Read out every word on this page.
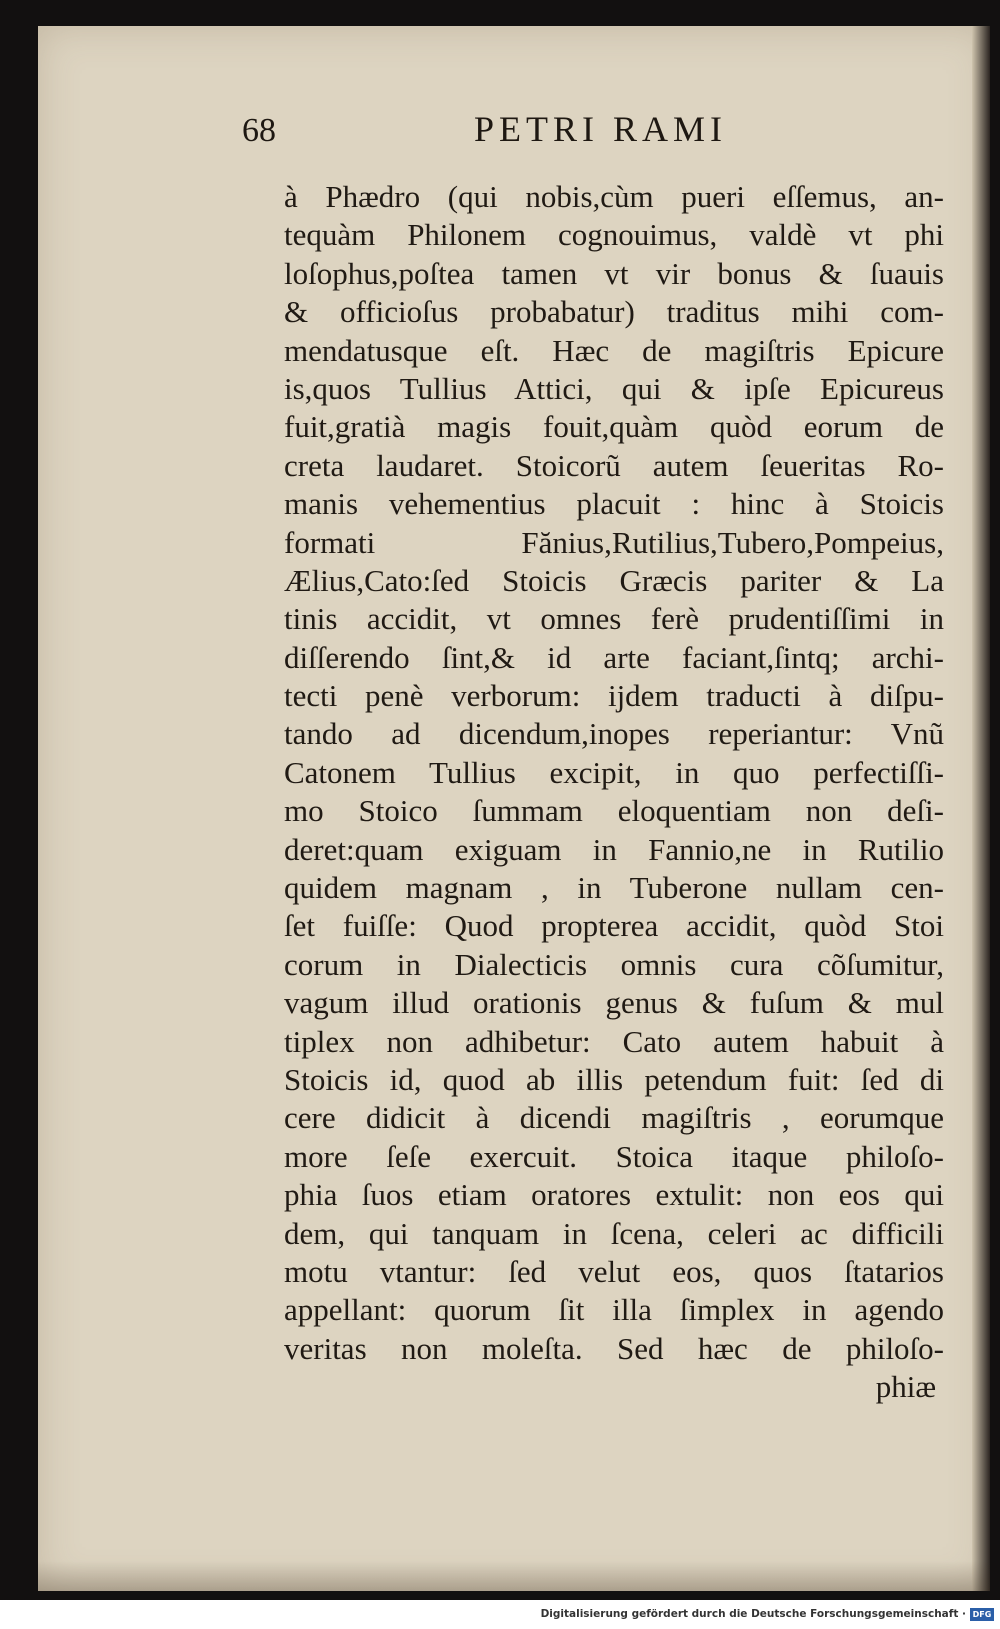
68	PETRI RAMI
à Phædro (qui nobis,cùm pueri eſſemus, an-
tequàm Philonem cognouimus, valdè vt phi
loſophus,poſtea tamen vt vir bonus & ſuauis
& officioſus probabatur) traditus mihi com-
mendatusque eſt. Hæc de magiſtris Epicure
is,quos Tullius Attici, qui & ipſe Epicureus
fuit,gratià magis fouit,quàm quòd eorum de
creta laudaret. Stoicorũ autem ſeueritas Ro-
manis vehementius placuit : hinc à Stoicis
formati Fănius,Rutilius,Tubero,Pompeius,
Ælius,Cato:ſed Stoicis Græcis pariter & La
tinis accidit, vt omnes ferè prudentiſſimi in
diſſerendo ſint,& id arte faciant,ſintq; archi-
tecti penè verborum: ijdem traducti à diſpu-
tando ad dicendum,inopes reperiantur: Vnũ
Catonem Tullius excipit, in quo perfectiſſi-
mo Stoico ſummam eloquentiam non deſi-
deret:quam exiguam in Fannio,ne in Rutilio
quidem magnam , in Tuberone nullam cen-
ſet fuiſſe: Quod propterea accidit, quòd Stoi
corum in Dialecticis omnis cura cõſumitur,
vagum illud orationis genus & fuſum & mul
tiplex non adhibetur: Cato autem habuit à
Stoicis id, quod ab illis petendum fuit: ſed di
cere didicit à dicendi magiſtris , eorumque
more ſeſe exercuit. Stoica itaque philoſo-
phia ſuos etiam oratores extulit: non eos qui
dem, qui tanquam in ſcena, celeri ac difficili
motu vtantur: ſed velut eos, quos ſtatarios
appellant: quorum ſit illa ſimplex in agendo
veritas non moleſta. Sed hæc de philoſo-
phiæ
Digitalisierung gefördert durch die Deutsche Forschungsgemeinschaft · DFG
